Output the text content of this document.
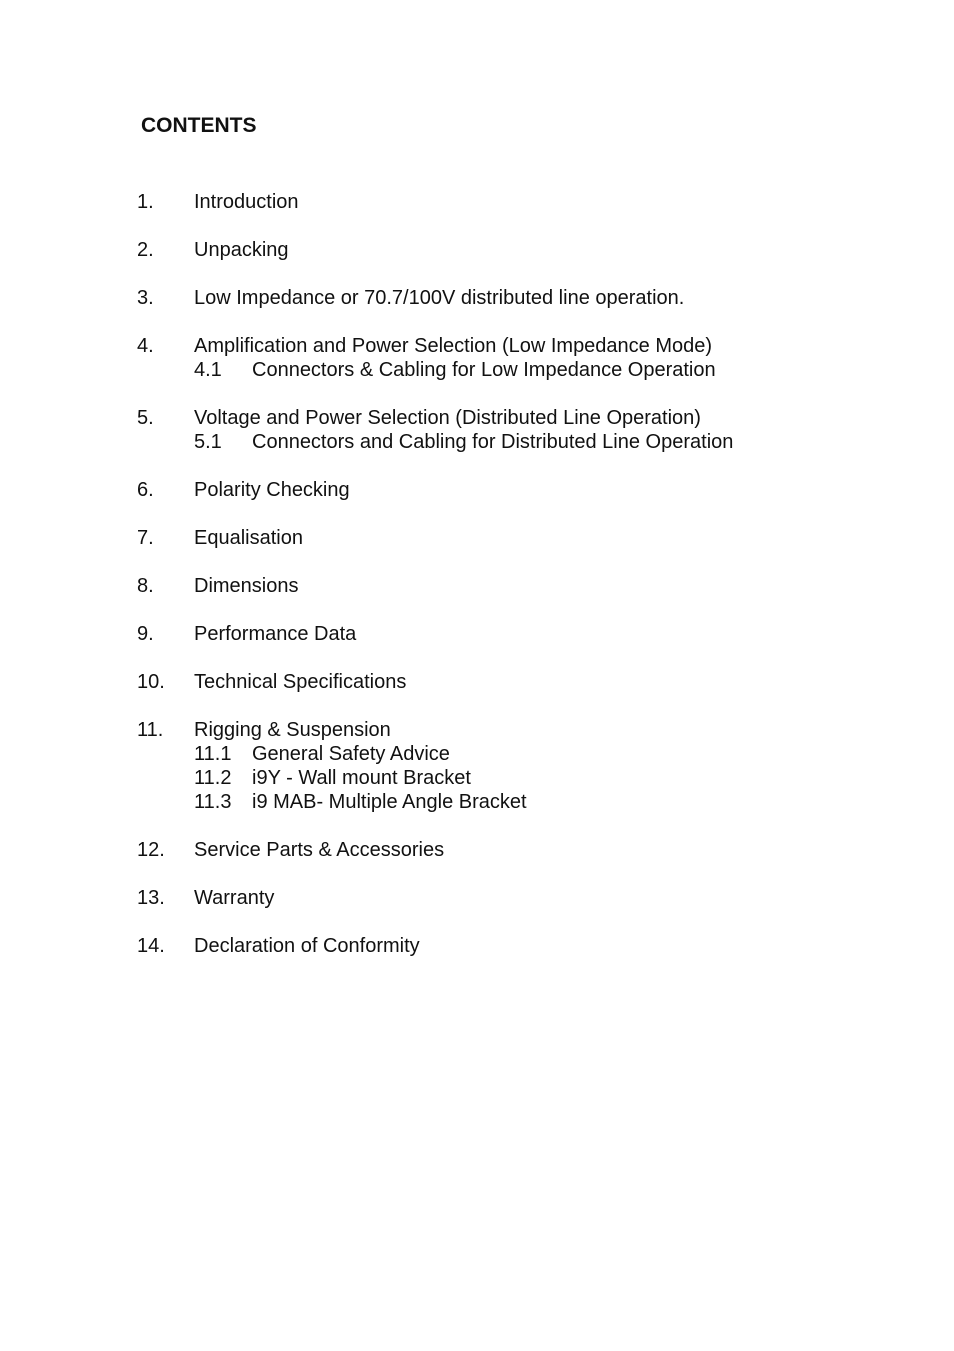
CONTENTS
1.	Introduction
2.	Unpacking
3.	Low Impedance or 70.7/100V distributed line operation.
4.	Amplification and Power Selection (Low Impedance Mode)
4.1	Connectors & Cabling for Low Impedance Operation
5.	Voltage and Power Selection (Distributed Line Operation)
5.1	Connectors and Cabling for Distributed Line Operation
6.	Polarity Checking
7.	Equalisation
8.	Dimensions
9.	Performance Data
10.	Technical Specifications
11.	Rigging & Suspension
11.1	General Safety Advice
11.2	i9Y - Wall mount Bracket
11.3	i9 MAB- Multiple Angle Bracket
12.	Service Parts & Accessories
13.	Warranty
14.	Declaration of Conformity
